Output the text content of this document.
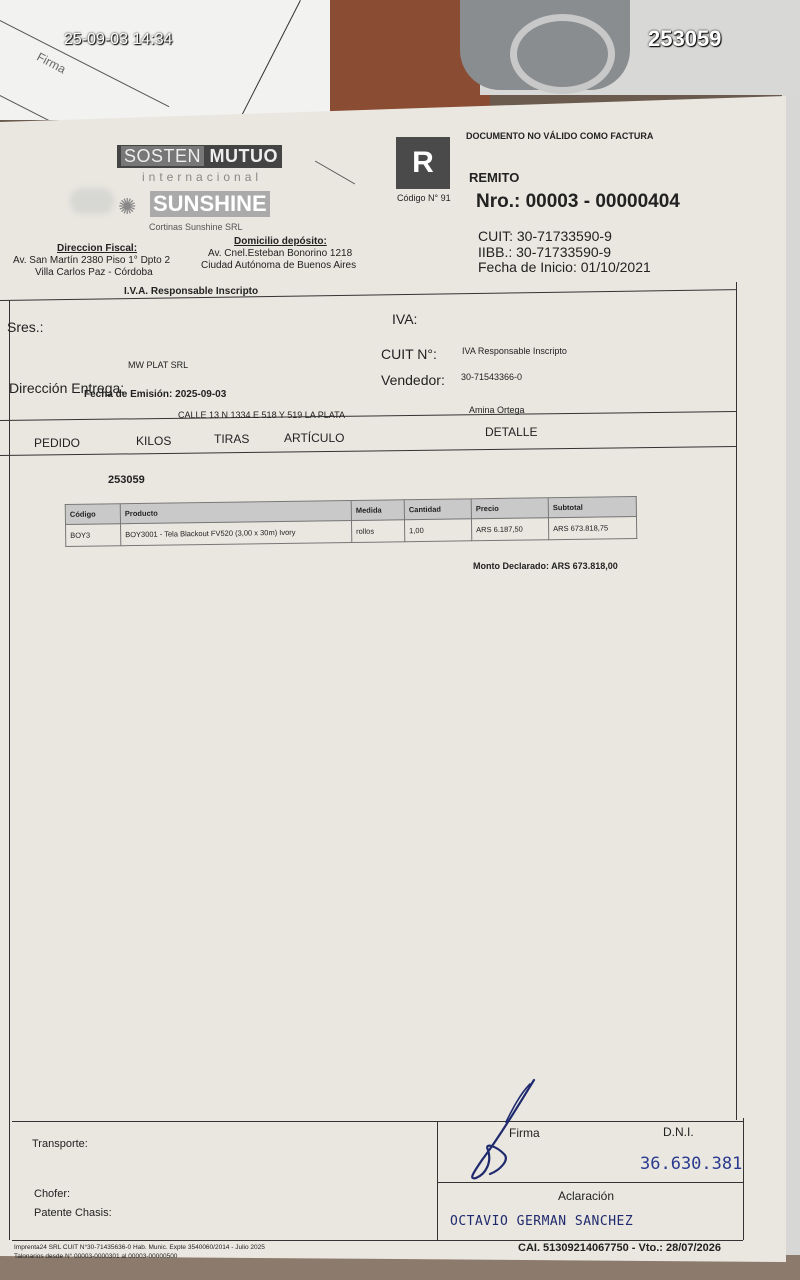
Firma
SOSTEN MUTUO
internacional
✺ SUNSHINE
Cortinas Sunshine SRL
Direccion Fiscal:
Av. San Martín 2380 Piso 1° Dpto 2
Villa Carlos Paz - Córdoba
Domicilio depósito:
Av. Cnel.Esteban Bonorino 1218
Ciudad Autónoma de Buenos Aires
I.V.A. Responsable Inscripto
R
Código N° 91
DOCUMENTO NO VÁLIDO COMO FACTURA
REMITO
Nro.: 00003 - 00000404
CUIT: 30-71733590-9
IIBB.: 30-71733590-9
Fecha de Inicio: 01/10/2021
Sres.:	IVA:
MW PLAT SRL
CUIT N°:	IVA Responsable Inscripto
Dirección Entrega:
Fecha de Emisión: 2025-09-03
Vendedor: 30-71543366-0
CALLE 13 N 1334 E 518 Y 519 LA PLATA	Amina Ortega
PEDIDO	KILOS	TIRAS	ARTÍCULO	DETALLE
253059
Código	Producto	Medida	Cantidad	Precio	Subtotal
BOY3	BOY3001 - Tela Blackout FV520 (3,00 x 30m) Ivory	rollos	1,00	ARS 6.187,50	ARS 673.818,75
Monto Declarado: ARS 673.818,00
Transporte:
Chofer:
Patente Chasis:
Firma	D.N.I.
Aclaración
36.630.381
OCTAVIO GERMAN SANCHEZ
Imprenta24 SRL CUIT N°30-71435636-0 Hab. Munic. Expte 3540060/2014 - Julio 2025
Talonarios desde N° 00003-0000301 al 00003-00000500
CAI. 51309214067750 - Vto.: 28/07/2026
25-09-03 14:34	253059
